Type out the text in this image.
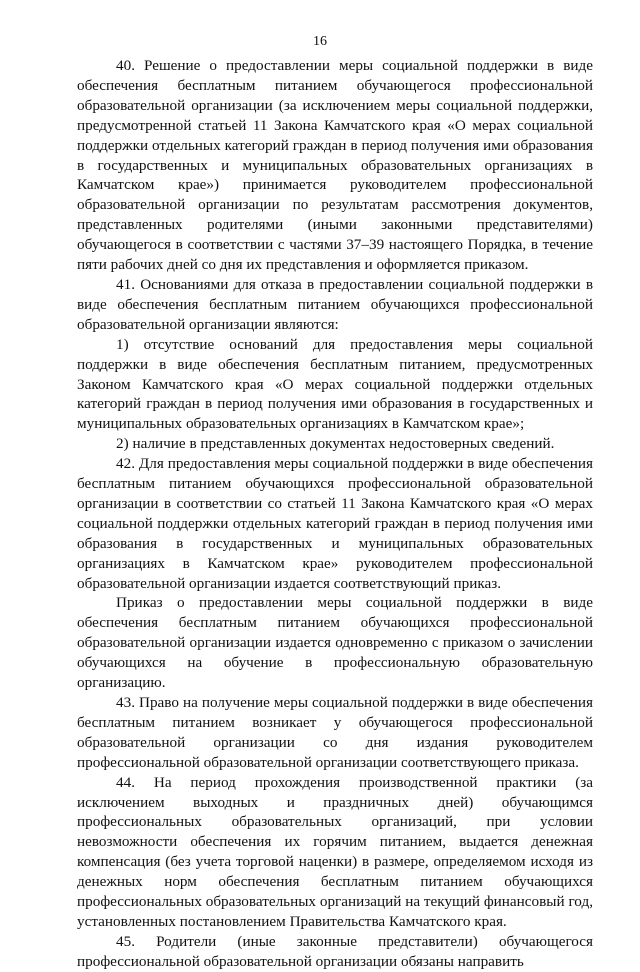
16

40. Решение о предоставлении меры социальной поддержки в виде обеспечения бесплатным питанием обучающегося профессиональной образовательной организации (за исключением меры социальной поддержки, предусмотренной статьей 11 Закона Камчатского края «О мерах социальной поддержки отдельных категорий граждан в период получения ими образования в государственных и муниципальных образовательных организациях в Камчатском крае») принимается руководителем профессиональной образовательной организации по результатам рассмотрения документов, представленных родителями (иными законными представителями) обучающегося в соответствии с частями 37–39 настоящего Порядка, в течение пяти рабочих дней со дня их представления и оформляется приказом.

41. Основаниями для отказа в предоставлении социальной поддержки в виде обеспечения бесплатным питанием обучающихся профессиональной образовательной организации являются:

1) отсутствие оснований для предоставления меры социальной поддержки в виде обеспечения бесплатным питанием, предусмотренных Законом Камчатского края «О мерах социальной поддержки отдельных категорий граждан в период получения ими образования в государственных и муниципальных образовательных организациях в Камчатском крае»;

2) наличие в представленных документах недостоверных сведений.

42. Для предоставления меры социальной поддержки в виде обеспечения бесплатным питанием обучающихся профессиональной образовательной организации в соответствии со статьей 11 Закона Камчатского края «О мерах социальной поддержки отдельных категорий граждан в период получения ими образования в государственных и муниципальных образовательных организациях в Камчатском крае» руководителем профессиональной образовательной организации издается соответствующий приказ.

Приказ о предоставлении меры социальной поддержки в виде обеспечения бесплатным питанием обучающихся профессиональной образовательной организации издается одновременно с приказом о зачислении обучающихся на обучение в профессиональную образовательную организацию.

43. Право на получение меры социальной поддержки в виде обеспечения бесплатным питанием возникает у обучающегося профессиональной образовательной организации со дня издания руководителем профессиональной образовательной организации соответствующего приказа.

44. На период прохождения производственной практики (за исключением выходных и праздничных дней) обучающимся профессиональных образовательных организаций, при условии невозможности обеспечения их горячим питанием, выдается денежная компенсация (без учета торговой наценки) в размере, определяемом исходя из денежных норм обеспечения бесплатным питанием обучающихся профессиональных образовательных организаций на текущий финансовый год, установленных постановлением Правительства Камчатского края.

45. Родители (иные законные представители) обучающегося профессиональной образовательной организации обязаны направить
